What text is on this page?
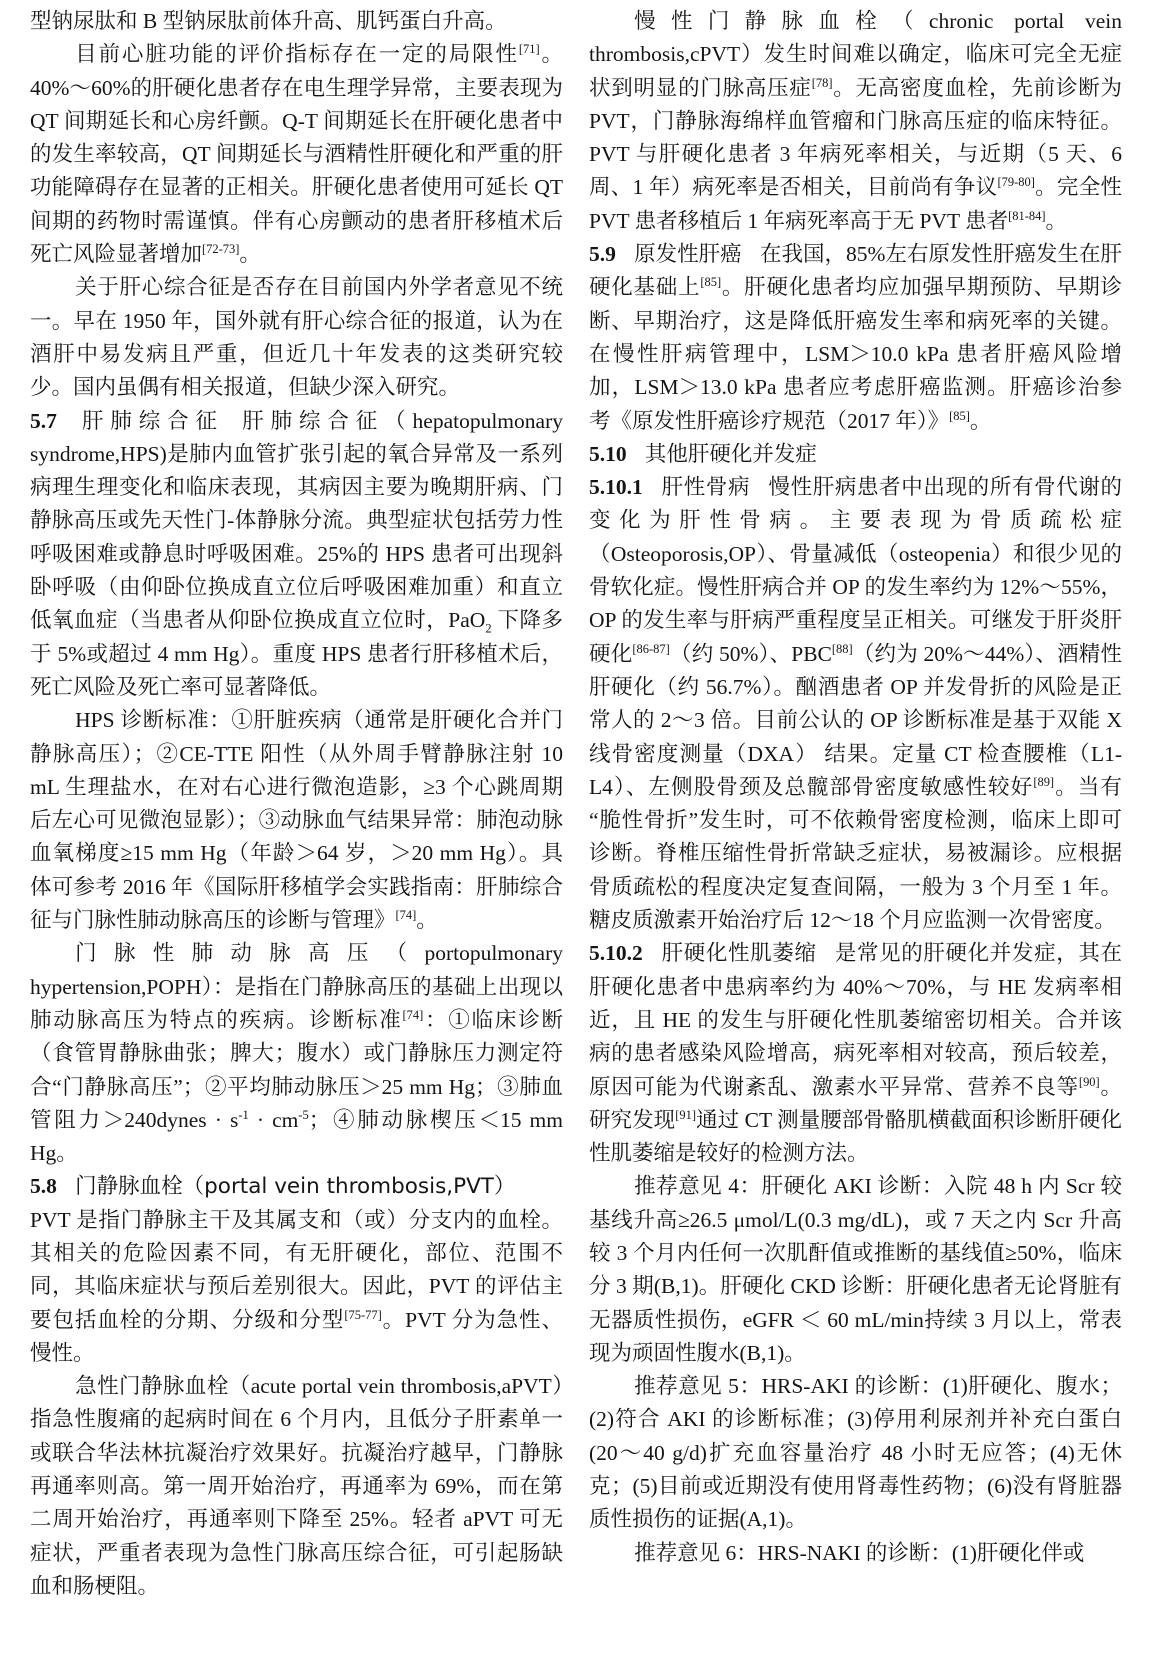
型钠尿肽和 B 型钠尿肽前体升高、肌钙蛋白升高。

目前心脏功能的评价指标存在一定的局限性[71]。40%～60%的肝硬化患者存在电生理学异常，主要表现为 QT 间期延长和心房纤颤。Q-T 间期延长在肝硬化患者中的发生率较高，QT 间期延长与酒精性肝硬化和严重的肝功能障碍存在显著的正相关。肝硬化患者使用可延长 QT 间期的药物时需谨慎。伴有心房颤动的患者肝移植术后死亡风险显著增加[72-73]。

关于肝心综合征是否存在目前国内外学者意见不统一。早在 1950 年，国外就有肝心综合征的报道，认为在酒肝中易发病且严重，但近几十年发表的这类研究较少。国内虽偶有相关报道，但缺少深入研究。

5.7 肝肺综合征 肝肺综合征（hepatopulmonary syndrome,HPS)是肺内血管扩张引起的氧合异常及一系列病理生理变化和临床表现，其病因主要为晚期肝病、门静脉高压或先天性门-体静脉分流。典型症状包括劳力性呼吸困难或静息时呼吸困难。25%的 HPS 患者可出现斜卧呼吸（由仰卧位换成直立位后呼吸困难加重）和直立低氧血症（当患者从仰卧位换成直立位时，PaO$_2$ 下降多于 5%或超过 4 mm Hg）。重度 HPS 患者行肝移植术后，死亡风险及死亡率可显著降低。

HPS 诊断标准：①肝脏疾病（通常是肝硬化合并门静脉高压）；②CE-TTE 阳性（从外周手臂静脉注射 10 mL 生理盐水，在对右心进行微泡造影，≥3 个心跳周期后左心可见微泡显影）；③动脉血气结果异常：肺泡动脉血氧梯度≥15 mm Hg（年龄＞64 岁，＞20 mm Hg）。具体可参考 2016 年《国际肝移植学会实践指南：肝肺综合征与门脉性肺动脉高压的诊断与管理》[74]。

门脉性肺动脉高压（portopulmonary hypertension,POPH）：是指在门静脉高压的基础上出现以肺动脉高压为特点的疾病。诊断标准[74]：①临床诊断（食管胃静脉曲张；脾大；腹水）或门静脉压力测定符合“门静脉高压”；②平均肺动脉压＞25 mm Hg；③肺血管阻力＞240dynes · s$^{-1}$ · cm$^{-5}$；④肺动脉楔压＜15 mm Hg。

5.8 门静脉血栓（portal vein thrombosis,PVT）

PVT 是指门静脉主干及其属支和（或）分支内的血栓。其相关的危险因素不同，有无肝硬化，部位、范围不同，其临床症状与预后差别很大。因此，PVT 的评估主要包括血栓的分期、分级和分型[75-77]。PVT 分为急性、慢性。

急性门静脉血栓（acute portal vein thrombosis,aPVT）指急性腹痛的起病时间在 6 个月内，且低分子肝素单一或联合华法林抗凝治疗效果好。抗凝治疗越早，门静脉再通率则高。第一周开始治疗，再通率为 69%，而在第二周开始治疗，再通率则下降至 25%。轻者 aPVT 可无症状，严重者表现为急性门脉高压综合征，可引起肠缺血和肠梗阻。

慢性门静脉血栓（chronic portal vein thrombosis,cPVT）发生时间难以确定，临床可完全无症状到明显的门脉高压症[78]。无高密度血栓，先前诊断为 PVT，门静脉海绵样血管瘤和门脉高压症的临床特征。PVT 与肝硬化患者 3 年病死率相关，与近期（5 天、6 周、1 年）病死率是否相关，目前尚有争议[79-80]。完全性 PVT 患者移植后 1 年病死率高于无 PVT 患者[81-84]。

5.9 原发性肝癌 在我国，85%左右原发性肝癌发生在肝硬化基础上[85]。肝硬化患者均应加强早期预防、早期诊断、早期治疗，这是降低肝癌发生率和病死率的关键。在慢性肝病管理中，LSM＞10.0 kPa 患者肝癌风险增加，LSM＞13.0 kPa 患者应考虑肝癌监测。肝癌诊治参考《原发性肝癌诊疗规范（2017 年）》[85]。

5.10 其他肝硬化并发症

5.10.1 肝性骨病 慢性肝病患者中出现的所有骨代谢的变化为肝性骨病。主要表现为骨质疏松症（Osteoporosis,OP）、骨量减低（osteopenia）和很少见的骨软化症。慢性肝病合并 OP 的发生率约为 12%～55%，OP 的发生率与肝病严重程度呈正相关。可继发于肝炎肝硬化[86-87]（约 50%）、PBC[88]（约为 20%～44%）、酒精性肝硬化（约 56.7%）。酗酒患者 OP 并发骨折的风险是正常人的 2～3 倍。目前公认的 OP 诊断标准是基于双能 X 线骨密度测量（DXA） 结果。定量 CT 检查腰椎（L1-L4）、左侧股骨颈及总髋部骨密度敏感性较好[89]。当有“脆性骨折”发生时，可不依赖骨密度检测，临床上即可诊断。脊椎压缩性骨折常缺乏症状，易被漏诊。应根据骨质疏松的程度决定复查间隔，一般为 3 个月至 1 年。糖皮质激素开始治疗后 12～18 个月应监测一次骨密度。

5.10.2 肝硬化性肌萎缩 是常见的肝硬化并发症，其在肝硬化患者中患病率约为 40%～70%，与 HE 发病率相近，且 HE 的发生与肝硬化性肌萎缩密切相关。合并该病的患者感染风险增高，病死率相对较高，预后较差，原因可能为代谢紊乱、激素水平异常、营养不良等[90]。研究发现[91]通过 CT 测量腰部骨骼肌横截面积诊断肝硬化性肌萎缩是较好的检测方法。

推荐意见 4：肝硬化 AKI 诊断：入院 48 h 内 Scr 较基线升高≥26.5 μmol/L(0.3 mg/dL)，或 7 天之内 Scr 升高较 3 个月内任何一次肌酐值或推断的基线值≥50%，临床分 3 期(B,1)。肝硬化 CKD 诊断：肝硬化患者无论肾脏有无器质性损伤，eGFR ＜ 60 mL/min持续 3 月以上，常表现为顽固性腹水(B,1)。

推荐意见 5：HRS-AKI 的诊断：(1)肝硬化、腹水；(2)符合 AKI 的诊断标准；(3)停用利尿剂并补充白蛋白(20～40 g/d)扩充血容量治疗 48 小时无应答；(4)无休克；(5)目前或近期没有使用肾毒性药物；(6)没有肾脏器质性损伤的证据(A,1)。

推荐意见 6：HRS-NAKI 的诊断：(1)肝硬化伴或
